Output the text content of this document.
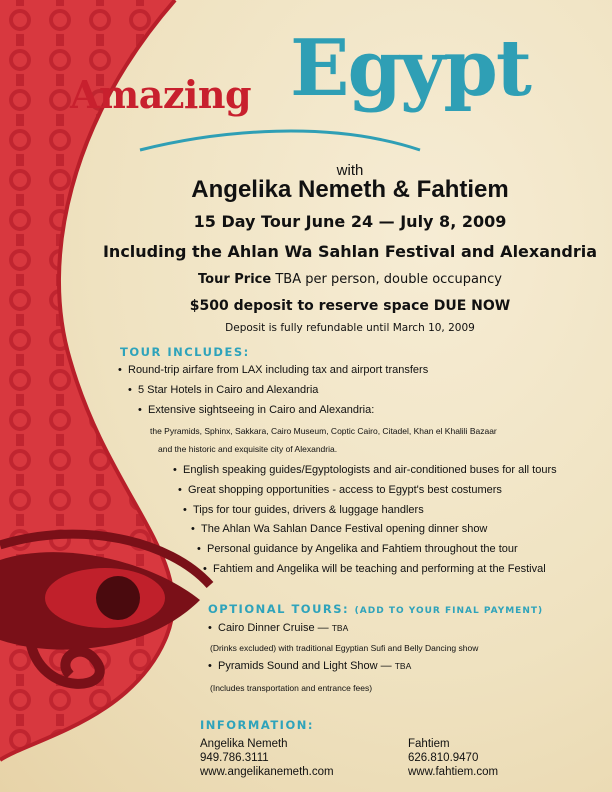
Amazing Egypt
with
Angelika Nemeth & Fahtiem
15 Day Tour June 24 — July 8, 2009
Including the Ahlan Wa Sahlan Festival and Alexandria
Tour Price TBA per person, double occupancy
$500 deposit to reserve space DUE NOW
Deposit is fully refundable until March 10, 2009
TOUR INCLUDES:
• Round-trip airfare from LAX including tax and airport transfers
• 5 Star Hotels in Cairo and Alexandria
• Extensive sightseeing in Cairo and Alexandria:
the Pyramids, Sphinx, Sakkara, Cairo Museum, Coptic Cairo, Citadel, Khan el Khalili Bazaar
and the historic and exquisite city of Alexandria.
• English speaking guides/Egyptologists and air-conditioned buses for all tours
• Great shopping opportunities - access to Egypt's best costumers
• Tips for tour guides, drivers & luggage handlers
• The Ahlan Wa Sahlan Dance Festival opening dinner show
• Personal guidance by Angelika and Fahtiem throughout the tour
• Fahtiem and Angelika will be teaching and performing at the Festival
OPTIONAL TOURS: (ADD TO YOUR FINAL PAYMENT)
• Cairo Dinner Cruise — TBA
(Drinks excluded) with traditional Egyptian Sufi and Belly Dancing show
• Pyramids Sound and Light Show — TBA
(Includes transportation and entrance fees)
INFORMATION:
Angelika Nemeth
949.786.3111
www.angelikanemeth.com
Fahtiem
626.810.9470
www.fahtiem.com
